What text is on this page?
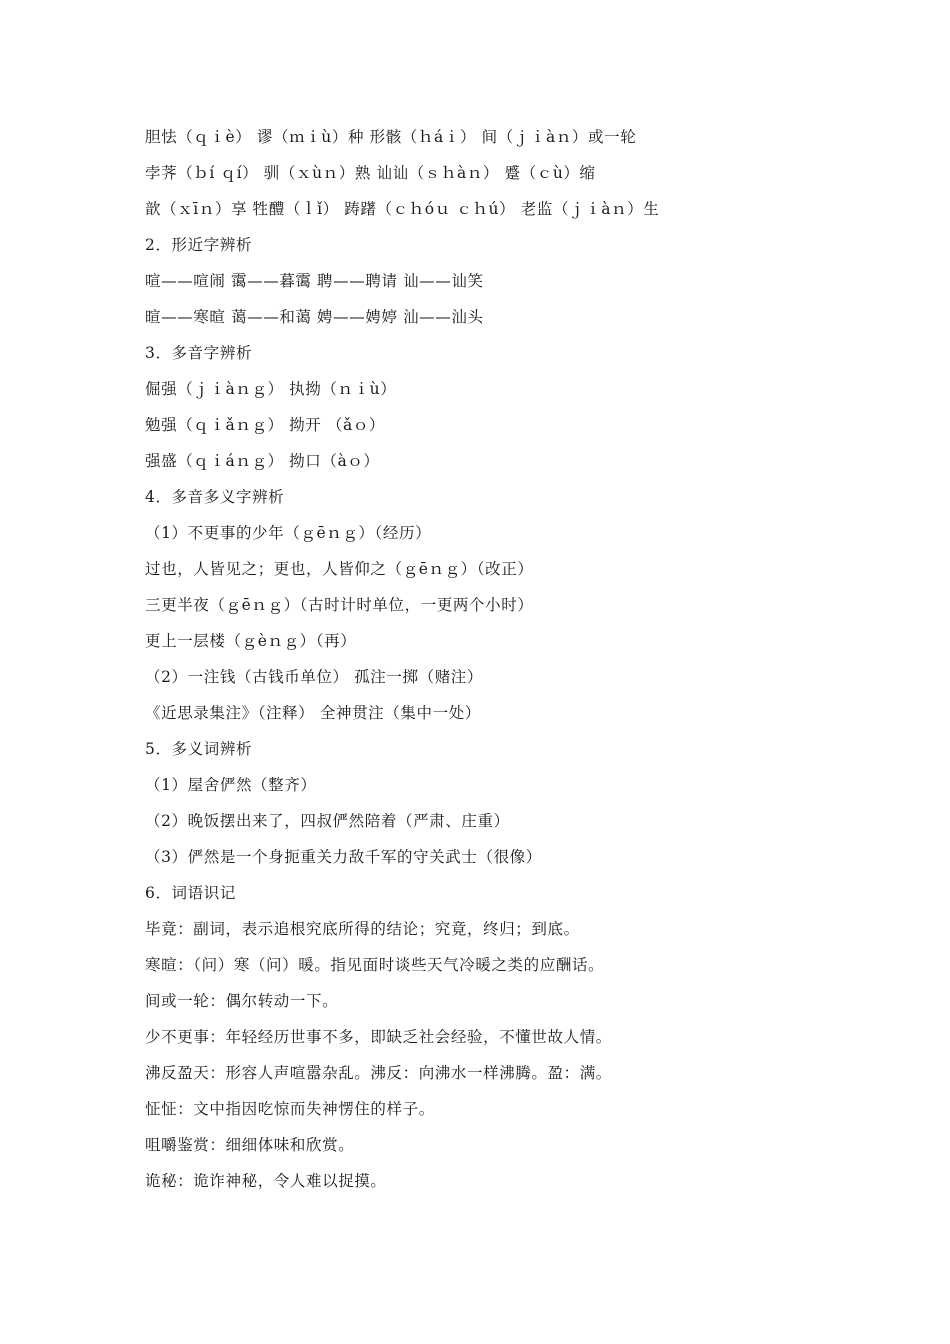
胆怯（ｑｉè） 谬（ｍｉù）种 形骸（ｈáｉ） 间（ｊｉàｎ）或一轮
孛荠（ｂí ｑí） 驯（ｘùｎ）熟 讪讪（ｓｈàｎ） 蹙（ｃù）缩
歆（ｘīｎ）享 牲醴（ｌǐ） 踌躇（ｃｈóｕ ｃｈú） 老监（ｊｉàｎ）生
2．形近字辨析
喧——喧闹 霭——暮霭 聘——聘请 讪——讪笑
暄——寒暄 蔼——和蔼 娉——娉婷 汕——汕头
3．多音字辨析
倔强（ｊｉàｎｇ） 执拗（ｎｉù）
勉强（ｑｉǎｎｇ） 拗开 （ǎｏ）
强盛（ｑｉáｎｇ） 拗口（àｏ）
4．多音多义字辨析
（1）不更事的少年（ｇēｎｇ）（经历）
过也，人皆见之；更也，人皆仰之（ｇēｎｇ）（改正）
三更半夜（ｇēｎｇ）（古时计时单位，一更两个小时）
更上一层楼（ｇèｎｇ）（再）
（2）一注钱（古钱币单位） 孤注一掷（赌注）
《近思录集注》（注释） 全神贯注（集中一处）
5．多义词辨析
（1）屋舍俨然（整齐）
（2）晚饭摆出来了，四叔俨然陪着（严肃、庄重）
（3）俨然是一个身扼重关力敌千军的守关武士（很像）
6．词语识记
毕竟：副词，表示追根究底所得的结论；究竟，终归；到底。
寒暄：（问）寒（问）暖。指见面时谈些天气冷暖之类的应酬话。
间或一轮：偶尔转动一下。
少不更事：年轻经历世事不多，即缺乏社会经验，不懂世故人情。
沸反盈天：形容人声喧嚣杂乱。沸反：向沸水一样沸腾。盈：满。
怔怔：文中指因吃惊而失神愣住的样子。
咀嚼鉴赏：细细体味和欣赏。
诡秘：诡诈神秘，令人难以捉摸。
